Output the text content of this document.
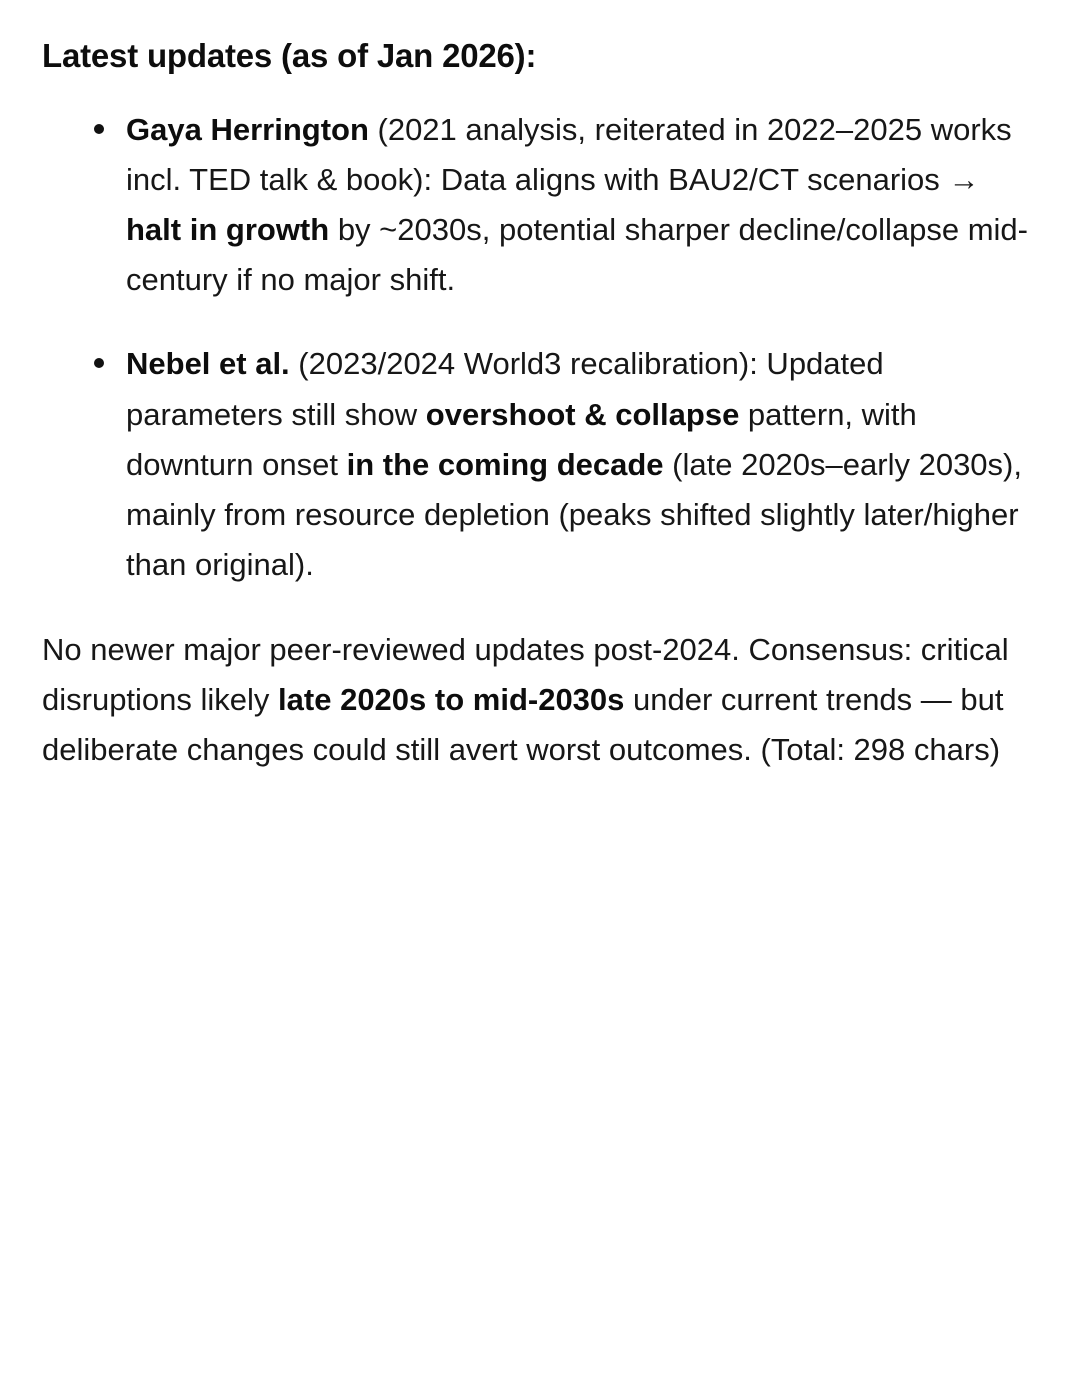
Latest updates (as of Jan 2026):
Gaya Herrington (2021 analysis, reiterated in 2022–2025 works incl. TED talk & book): Data aligns with BAU2/CT scenarios → halt in growth by ~2030s, potential sharper decline/collapse mid-century if no major shift.
Nebel et al. (2023/2024 World3 recalibration): Updated parameters still show overshoot & collapse pattern, with downturn onset in the coming decade (late 2020s–early 2030s), mainly from resource depletion (peaks shifted slightly later/higher than original).

No newer major peer-reviewed updates post-2024. Consensus: critical disruptions likely late 2020s to mid-2030s under current trends — but deliberate changes could still avert worst outcomes. (Total: 298 chars)
